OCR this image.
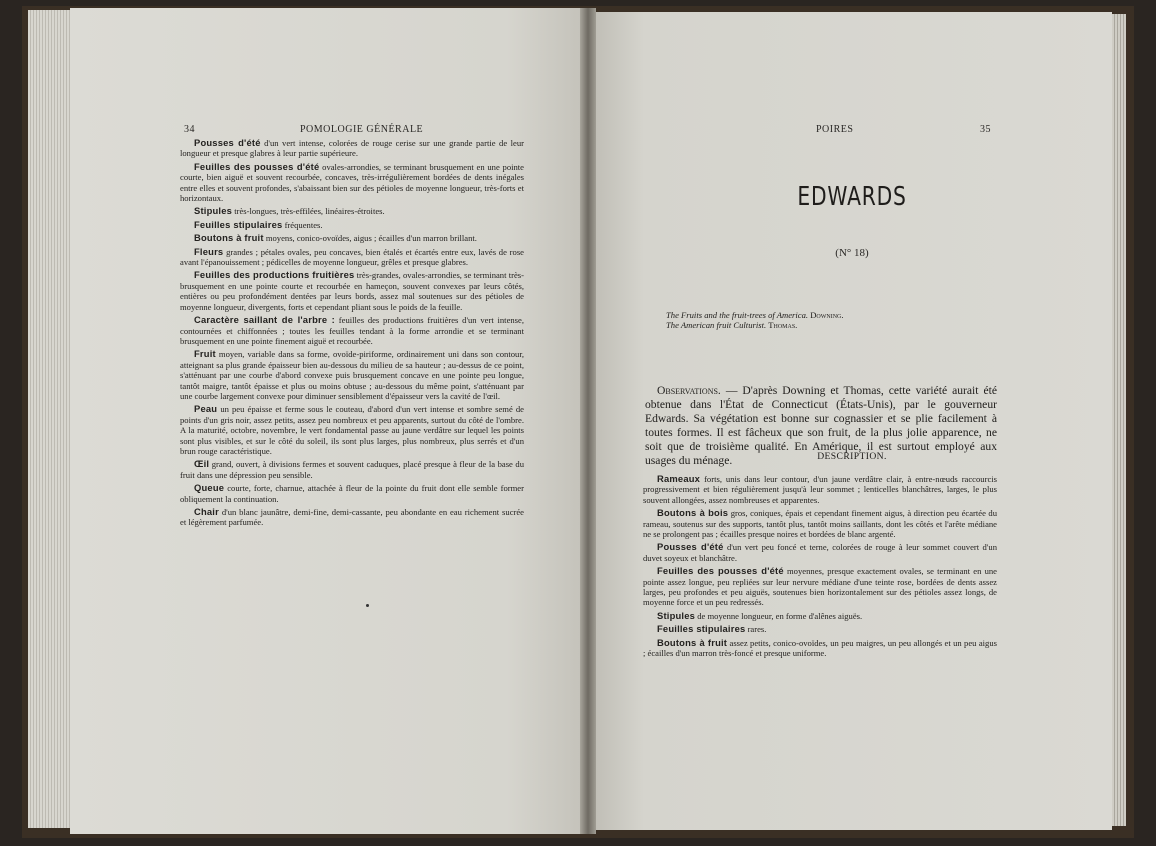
34	POMOLOGIE GÉNÉRALE

Pousses d'été d'un vert intense, colorées de rouge cerise sur une grande partie de leur longueur et presque glabres à leur partie supérieure.

Feuilles des pousses d'été ovales-arrondies, se terminant brusquement en une pointe courte, bien aiguë et souvent recourbée, concaves, très-irrégulièrement bordées de dents inégales entre elles et souvent profondes, s'abaissant bien sur des pétioles de moyenne longueur, très-forts et horizontaux.

Stipules très-longues, très-effilées, linéaires-étroites.

Feuilles stipulaires fréquentes.

Boutons à fruit moyens, conico-ovoïdes, aigus ; écailles d'un marron brillant.

Fleurs grandes ; pétales ovales, peu concaves, bien étalés et écartés entre eux, lavés de rose avant l'épanouissement ; pédicelles de moyenne longueur, grêles et presque glabres.

Feuilles des productions fruitières très-grandes, ovales-arrondies, se terminant très-brusquement en une pointe courte et recourbée en hameçon, souvent convexes par leurs côtés, entières ou peu profondément dentées par leurs bords, assez mal soutenues sur des pétioles de moyenne longueur, divergents, forts et cependant pliant sous le poids de la feuille.

Caractère saillant de l'arbre : feuilles des productions fruitières d'un vert intense, contournées et chiffonnées ; toutes les feuilles tendant à la forme arrondie et se terminant brusquement en une pointe finement aiguë et recourbée.

Fruit moyen, variable dans sa forme, ovoïde-piriforme, ordinairement uni dans son contour, atteignant sa plus grande épaisseur bien au-dessous du milieu de sa hauteur ; au-dessus de ce point, s'atténuant par une courbe d'abord convexe puis brusquement concave en une pointe peu longue, tantôt maigre, tantôt épaisse et plus ou moins obtuse ; au-dessous du même point, s'atténuant par une courbe largement convexe pour diminuer sensiblement d'épaisseur vers la cavité de l'œil.

Peau un peu épaisse et ferme sous le couteau, d'abord d'un vert intense et sombre semé de points d'un gris noir, assez petits, assez peu nombreux et peu apparents, surtout du côté de l'ombre. A la maturité, octobre, novembre, le vert fondamental passe au jaune verdâtre sur lequel les points sont plus visibles, et sur le côté du soleil, ils sont plus larges, plus nombreux, plus serrés et d'un brun rouge caractéristique.

Œil grand, ouvert, à divisions fermes et souvent caduques, placé presque à fleur de la base du fruit dans une dépression peu sensible.

Queue courte, forte, charnue, attachée à fleur de la pointe du fruit dont elle semble former obliquement la continuation.

Chair d'un blanc jaunâtre, demi-fine, demi-cassante, peu abondante en eau richement sucrée et légèrement parfumée.

POIRES	35
EDWARDS
(N° 18)
The Fruits and the fruit-trees of America. Downing.
The American fruit Culturist. Thomas.

Observations. — D'après Downing et Thomas, cette variété aurait été obtenue dans l'État de Connecticut (États-Unis), par le gouverneur Edwards. Sa végétation est bonne sur cognassier et se plie facilement à toutes formes. Il est fâcheux que son fruit, de la plus jolie apparence, ne soit que de troisième qualité. En Amérique, il est surtout employé aux usages du ménage.	DESCRIPTION.

Rameaux forts, unis dans leur contour, d'un jaune verdâtre clair, à entre-nœuds raccourcis progressivement et bien régulièrement jusqu'à leur sommet ; lenticelles blanchâtres, larges, le plus souvent allongées, assez nombreuses et apparentes.

Boutons à bois gros, coniques, épais et cependant finement aigus, à direction peu écartée du rameau, soutenus sur des supports, tantôt plus, tantôt moins saillants, dont les côtés et l'arête médiane ne se prolongent pas ; écailles presque noires et bordées de blanc argenté.

Pousses d'été d'un vert peu foncé et terne, colorées de rouge à leur sommet couvert d'un duvet soyeux et blanchâtre.

Feuilles des pousses d'été moyennes, presque exactement ovales, se terminant en une pointe assez longue, peu repliées sur leur nervure médiane d'une teinte rose, bordées de dents assez larges, peu profondes et peu aiguës, soutenues bien horizontalement sur des pétioles assez longs, de moyenne force et un peu redressés.

Stipules de moyenne longueur, en forme d'alênes aiguës.

Feuilles stipulaires rares.

Boutons à fruit assez petits, conico-ovoïdes, un peu maigres, un peu allongés et un peu aigus ; écailles d'un marron très-foncé et presque uniforme.
